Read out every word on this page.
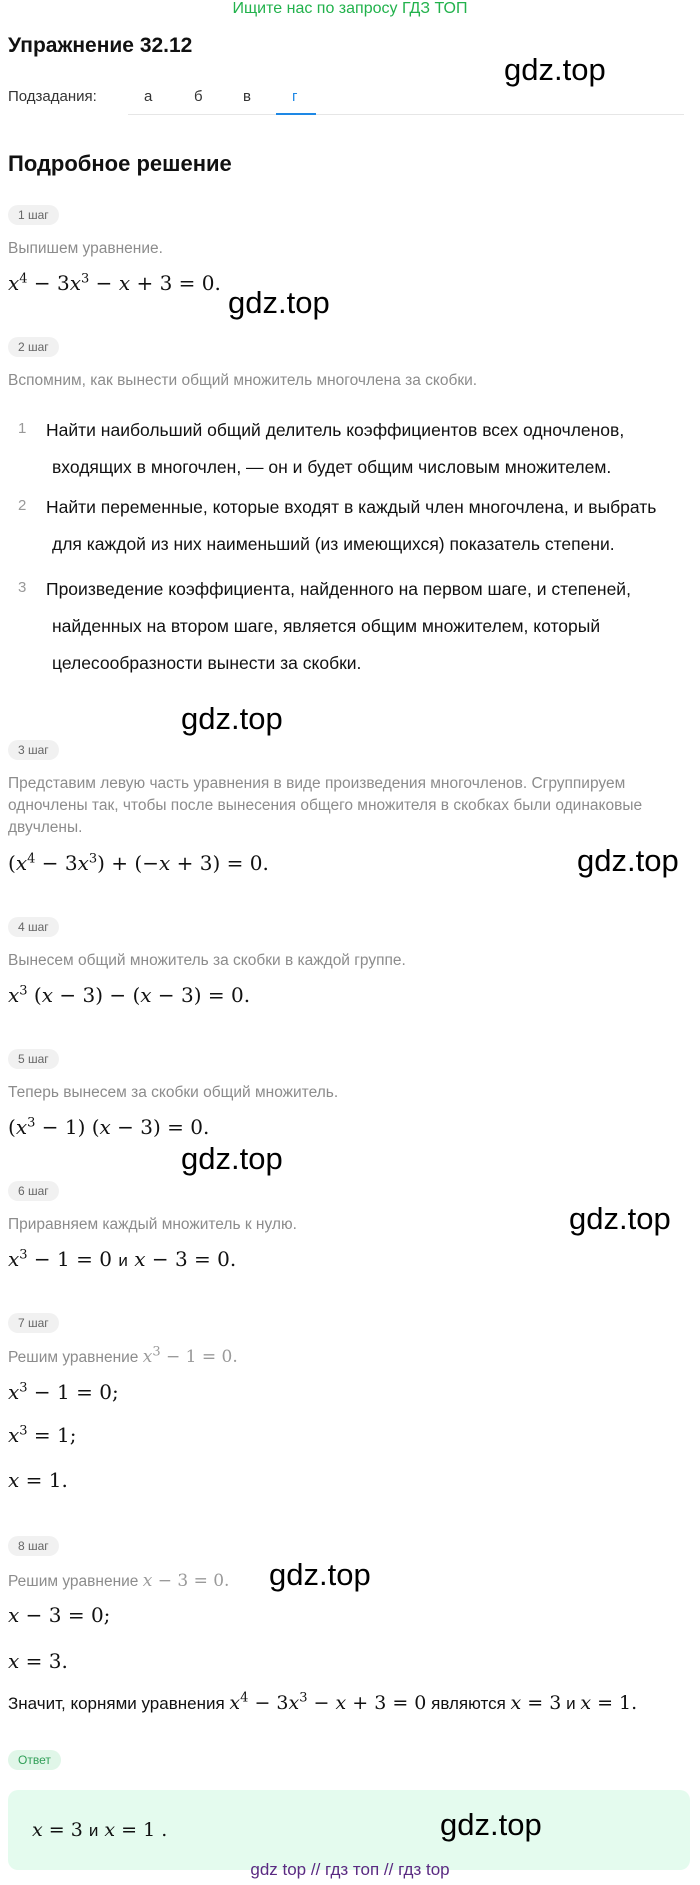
Ищите нас по запросу ГДЗ ТОП
Упражнение 32.12
gdz.top
Подзадания:	а	б	в	г
Подробное решение
1 шаг
Выпишем уравнение.
$x^4 - 3x^3 - x + 3 = 0$.
gdz.top
2 шаг
Вспомним, как вынести общий множитель многочлена за скобки.
1	Найти наибольший общий делитель коэффициентов всех одночленов,
входящих в многочлен, — он и будет общим числовым множителем.
2	Найти переменные, которые входят в каждый член многочлена, и выбрать
для каждой из них наименьший (из имеющихся) показатель степени.
3	Произведение коэффициента, найденного на первом шаге, и степеней,
найденных на втором шаге, является общим множителем, который
целесообразности вынести за скобки.
gdz.top
3 шаг
Представим левую часть уравнения в виде произведения многочленов. Сгруппируем одночлены так, чтобы после вынесения общего множителя в скобках были одинаковые двучлены.
$(x^4 - 3x^3) + (-x + 3) = 0$.	gdz.top
4 шаг
Вынесем общий множитель за скобки в каждой группе.
$x^3$ (x − 3) − (x − 3) = 0.
5 шаг
Теперь вынесем за скобки общий множитель.
$(x^3 - 1) (x - 3) = 0$.
gdz.top
6 шаг
Приравняем каждый множитель к нулю.	gdz.top
$x^3 - 1 = 0$ и x − 3 = 0.
7 шаг
Решим уравнение $x^3 - 1 = 0$.
$x^3 - 1 = 0$;
$x^3 = 1$;
x = 1.
8 шаг
Решим уравнение x − 3 = 0. gdz.top
x − 3 = 0;
x = 3.
Значит, корнями уравнения $x^4 - 3x^3 - x + 3 = 0$ являются x = 3 и x = 1.
Ответ
x = 3 и x = 1 .	gdz.top
gdz top // гдз топ // гдз top
